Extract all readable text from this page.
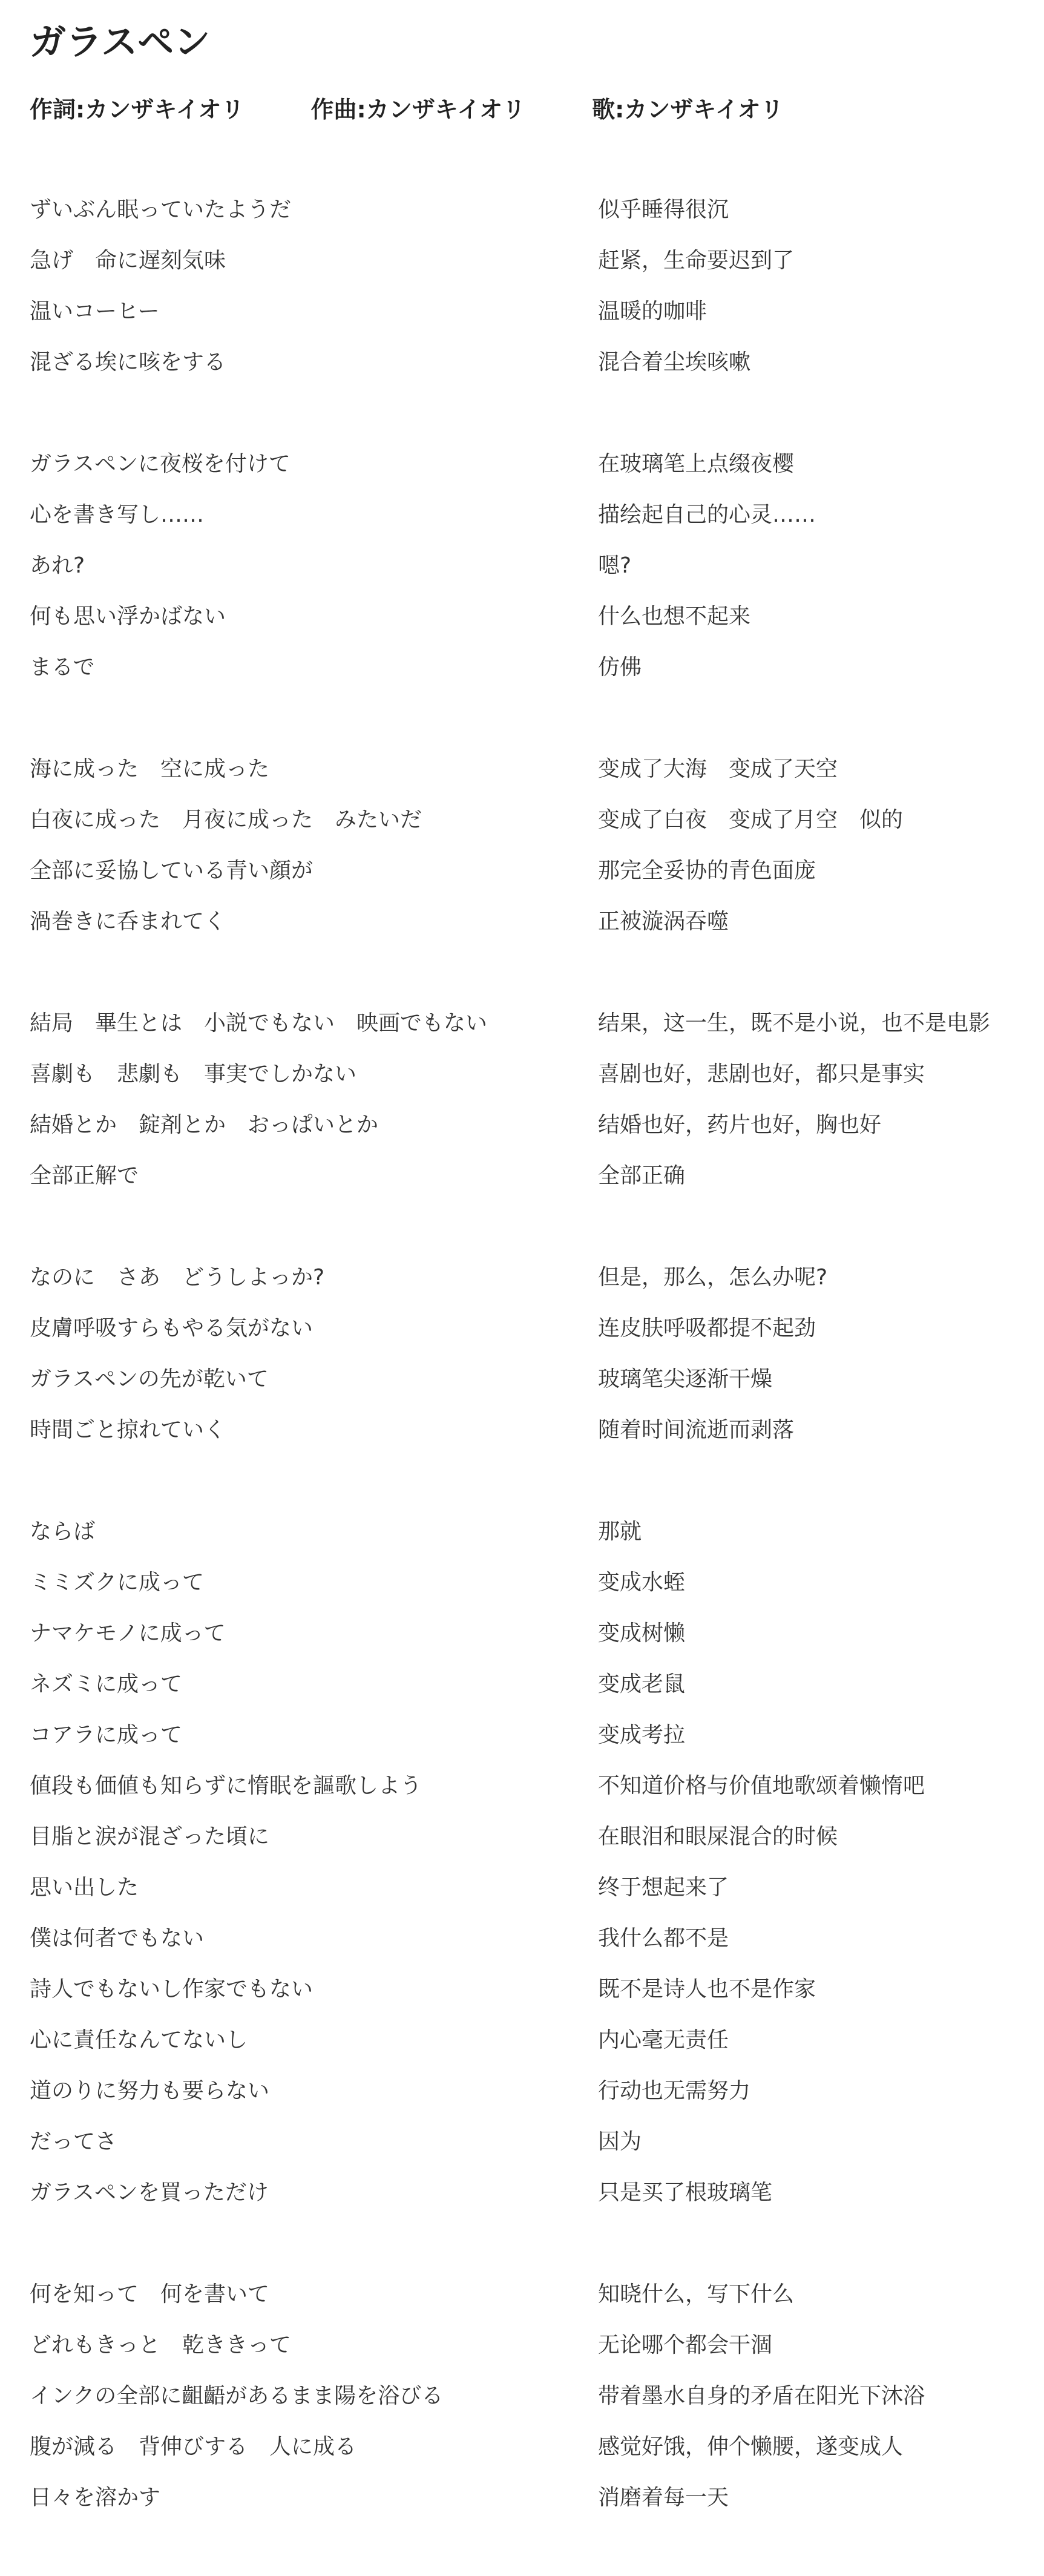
ガラスペン
作詞: カンザキイオリ	作曲: カンザキイオリ	歌: カンザキイオリ
ずいぶん眠っていたようだ	似乎睡得很沉
急げ　命に遅刻気味	赶紧，生命要迟到了
温いコーヒー	温暖的咖啡
混ざる埃に咳をする	混合着尘埃咳嗽
ガラスペンに夜桜を付けて	在玻璃笔上点缀夜樱
心を書き写し……	描绘起自己的心灵……
あれ?	嗯?
何も思い浮かばない	什么也想不起来
まるで	仿佛
海に成った　空に成った	变成了大海　变成了天空
白夜に成った　月夜に成った　みたいだ	变成了白夜　变成了月空　似的
全部に妥協している青い顔が	那完全妥协的青色面庞
渦巻きに呑まれてく	正被漩涡吞噬
結局　畢生とは　小説でもない　映画でもない	结果，这一生，既不是小说，也不是电影
喜劇も　悲劇も　事実でしかない	喜剧也好，悲剧也好，都只是事实
結婚とか　錠剤とか　おっぱいとか	结婚也好，药片也好，胸也好
全部正解で	全部正确
なのに　さあ　どうしよっか?	但是，那么，怎么办呢?
皮膚呼吸すらもやる気がない	连皮肤呼吸都提不起劲
ガラスペンの先が乾いて	玻璃笔尖逐渐干燥
時間ごと掠れていく	随着时间流逝而剥落
ならば	那就
ミミズクに成って	变成水蛭
ナマケモノに成って	变成树懒
ネズミに成って	变成老鼠
コアラに成って	变成考拉
値段も価値も知らずに惰眠を謳歌しよう	不知道价格与价值地歌颂着懒惰吧
目脂と涙が混ざった頃に	在眼泪和眼屎混合的时候
思い出した	终于想起来了
僕は何者でもない	我什么都不是
詩人でもないし作家でもない	既不是诗人也不是作家
心に責任なんてないし	内心毫无责任
道のりに努力も要らない	行动也无需努力
だってさ	因为
ガラスペンを買っただけ	只是买了根玻璃笔
何を知って　何を書いて	知晓什么，写下什么
どれもきっと　乾ききって	无论哪个都会干涸
インクの全部に齟齬があるまま陽を浴びる	带着墨水自身的矛盾在阳光下沐浴
腹が減る　背伸びする　人に成る	感觉好饿，伸个懒腰，遂变成人
日々を溶かす	消磨着每一天
